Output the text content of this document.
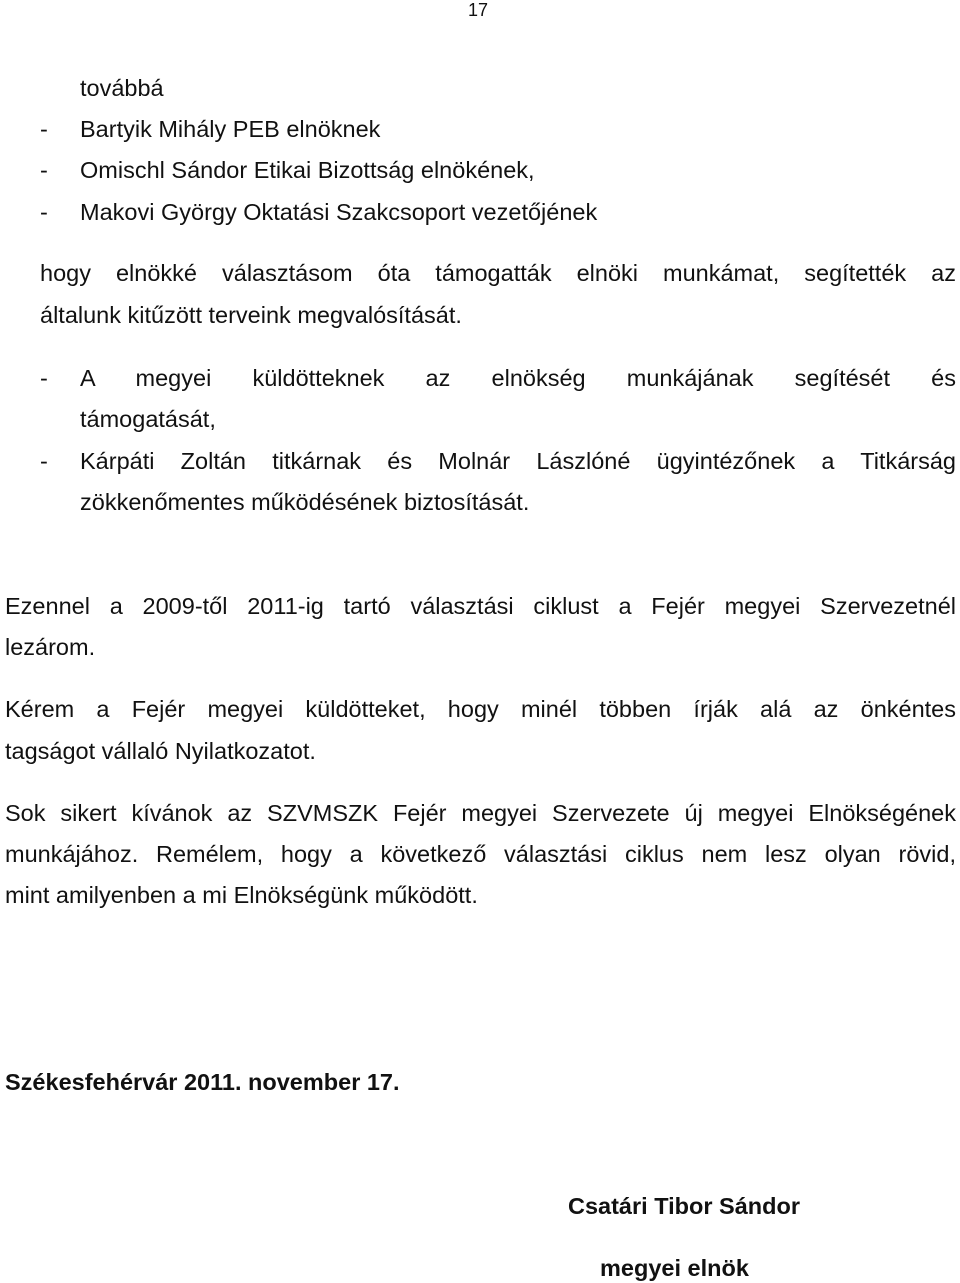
17
továbbá
- Bartyik Mihály PEB elnöknek
- Omischl Sándor Etikai Bizottság elnökének,
- Makovi György Oktatási Szakcsoport vezetőjének
hogy elnökké választásom óta támogatták elnöki munkámat, segítették az
általunk kitűzött terveink megvalósítását.
- A megyei küldötteknek az elnökség munkájának segítését és
támogatását,
- Kárpáti Zoltán titkárnak és Molnár Lászlóné ügyintézőnek a Titkárság
zökkenőmentes működésének biztosítását.
Ezennel a 2009-től 2011-ig tartó választási ciklust a Fejér megyei Szervezetnél
lezárom.
Kérem a Fejér megyei küldötteket, hogy minél többen írják alá az önkéntes
tagságot vállaló Nyilatkozatot.
Sok sikert kívánok az SZVMSZK Fejér megyei Szervezete új megyei Elnökségének
munkájához. Remélem, hogy a következő választási ciklus nem lesz olyan rövid,
mint amilyenben a mi Elnökségünk működött.
Székesfehérvár 2011. november 17.
Csatári Tibor Sándor
megyei elnök
